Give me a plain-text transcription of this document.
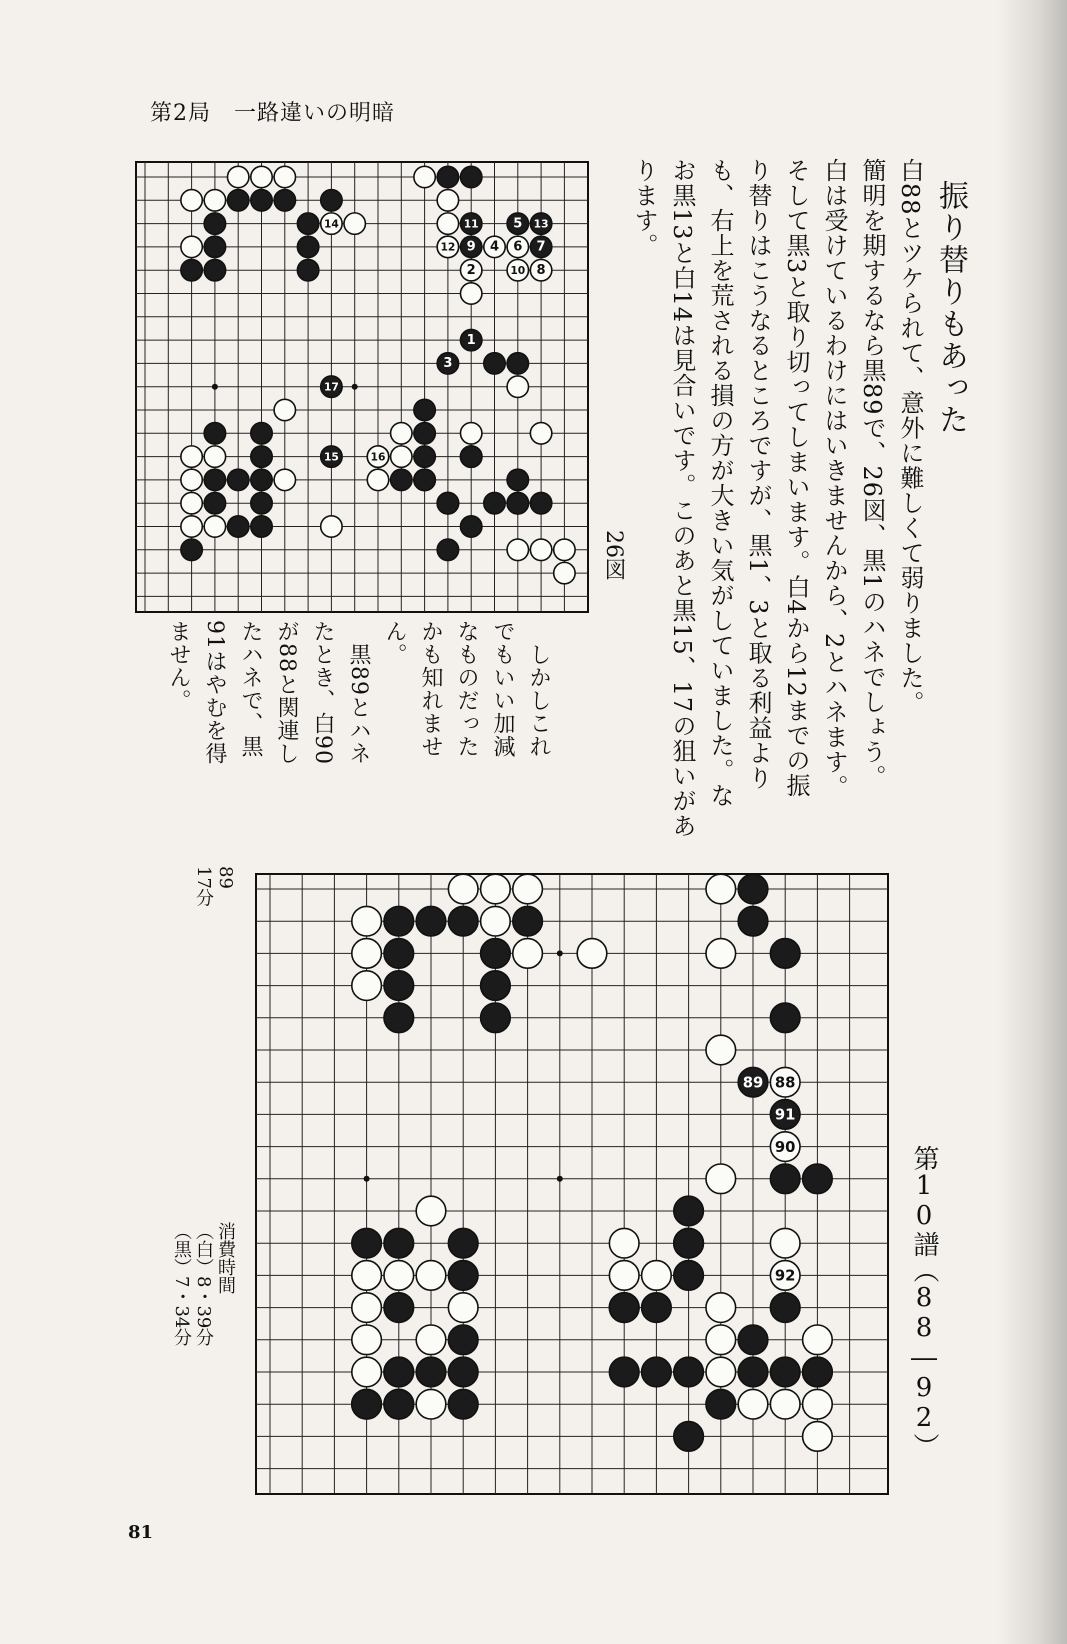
第2局　一路違いの明暗
振り替りもあった
白88とツケられて、意外に難しくて弱りました。
簡明を期するなら黒89で、26図、黒1のハネでしょう。
白は受けているわけにはいきませんから、2とハネます。
そして黒3と取り切ってしまいます。白4から12までの振
り替りはこうなるところですが、黒1、3と取る利益より
も、右上を荒される損の方が大きい気がしていました。な
お黒13と白14は見合いです。このあと黒15、17の狙いがあ
ります。
　しかしこれ
でもいい加減
なものだった
かも知れませ
ん。
　黒89とハネ
たとき、白90
が88と関連し
たハネで、黒
91はやむを得
ません。
26図
第10譜（88―92）
89
17分
消費時間
（白）8・39分
（黒）7・34分
2
4 6
8
10
12
14
16
1
3
5
7
9
11	13
15
17
88
90
92
89
91
81
